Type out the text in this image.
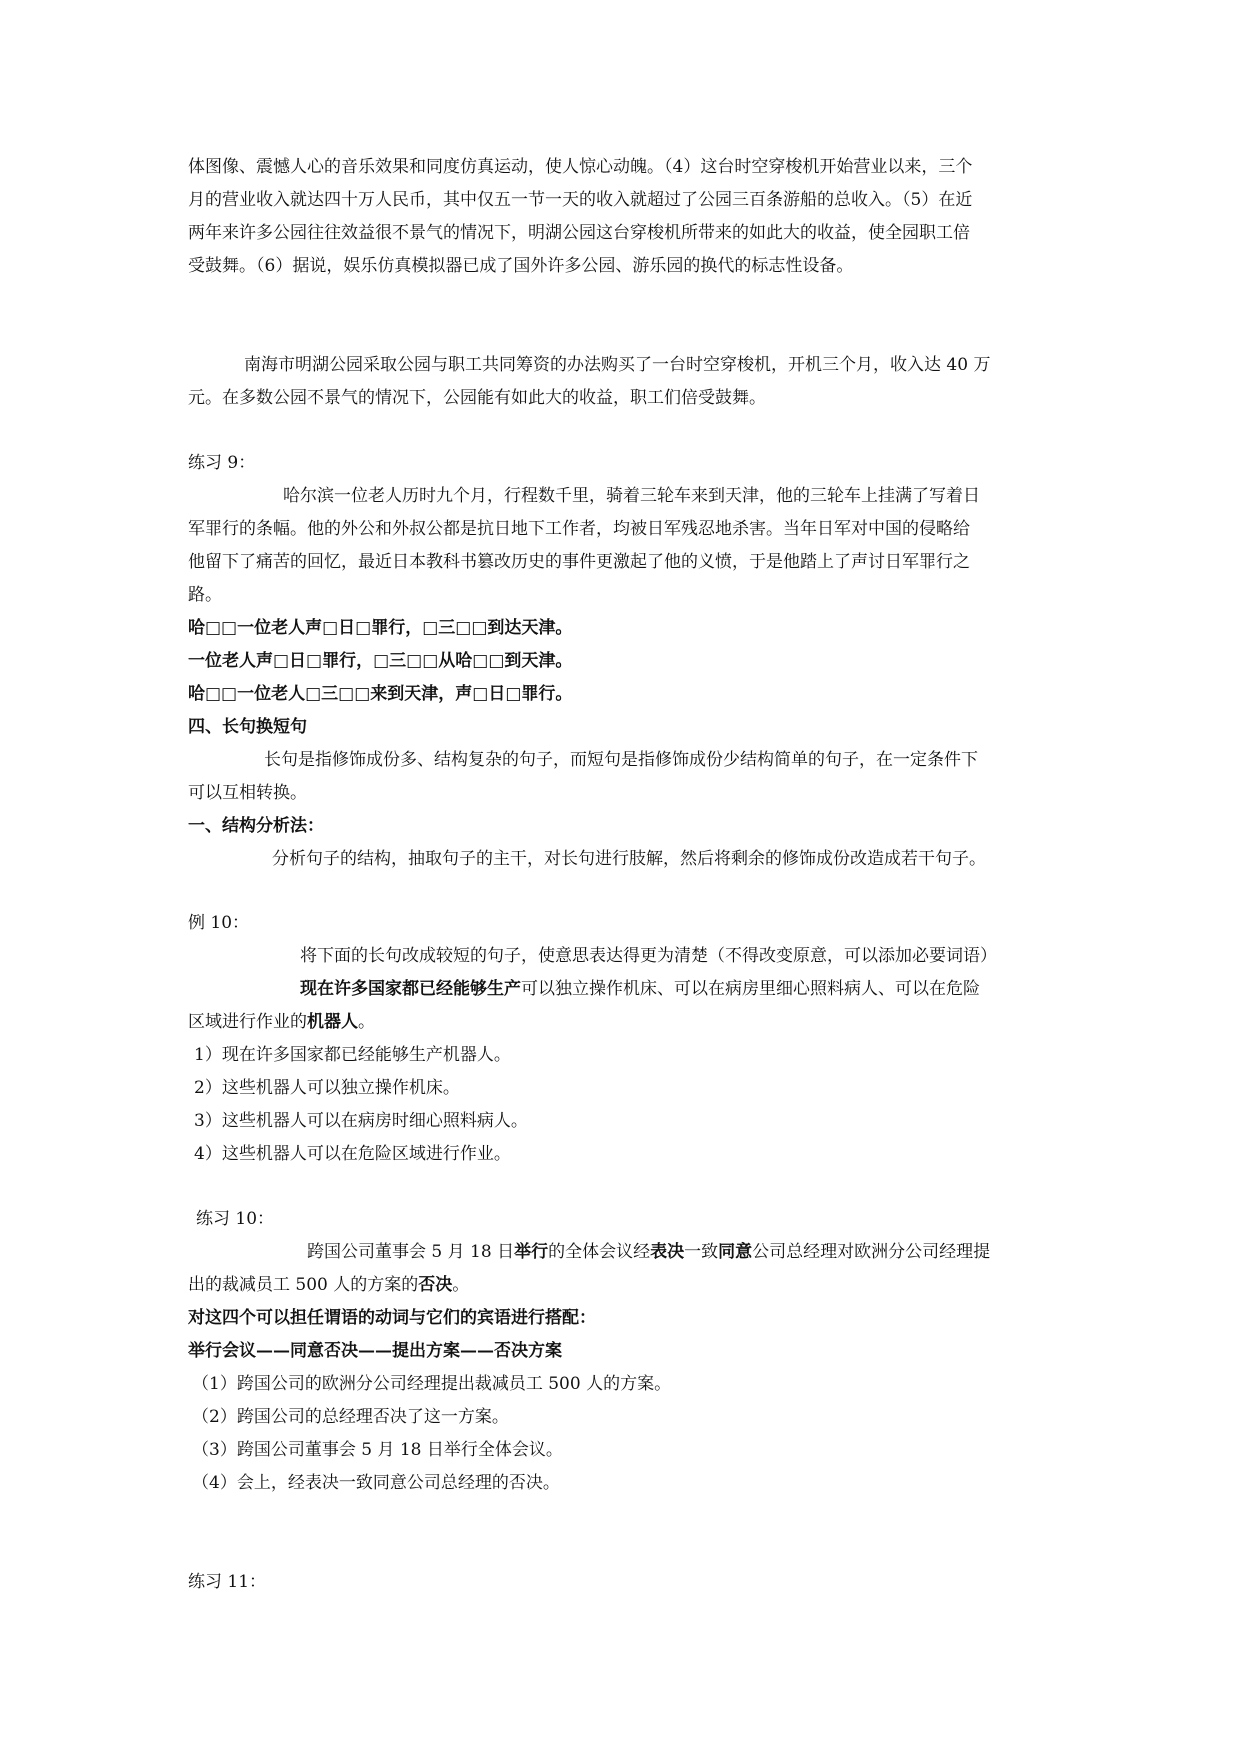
体图像、震憾人心的音乐效果和同度仿真运动，使人惊心动魄。（4）这台时空穿梭机开始营业以来，三个
月的营业收入就达四十万人民币，其中仅五一节一天的收入就超过了公园三百条游船的总收入。（5）在近
两年来许多公园往往效益很不景气的情况下，明湖公园这台穿梭机所带来的如此大的收益，使全园职工倍
受鼓舞。（6）据说，娱乐仿真模拟器已成了国外许多公园、游乐园的换代的标志性设备。
南海市明湖公园采取公园与职工共同筹资的办法购买了一台时空穿梭机，开机三个月，收入达 40 万
元。在多数公园不景气的情况下，公园能有如此大的收益，职工们倍受鼓舞。
练习 9：
哈尔滨一位老人历时九个月，行程数千里，骑着三轮车来到天津，他的三轮车上挂满了写着日
军罪行的条幅。他的外公和外叔公都是抗日地下工作者，均被日军残忍地杀害。当年日军对中国的侵略给
他留下了痛苦的回忆，最近日本教科书篡改历史的事件更激起了他的义愤，于是他踏上了声讨日军罪行之
路。
哈□□一位老人声□日□罪行，□三□□到达天津。
一位老人声□日□罪行，□三□□从哈□□到天津。
哈□□一位老人□三□□来到天津，声□日□罪行。
四、长句换短句
长句是指修饰成份多、结构复杂的句子，而短句是指修饰成份少结构简单的句子，在一定条件下
可以互相转换。
一、结构分析法：
分析句子的结构，抽取句子的主干，对长句进行肢解，然后将剩余的修饰成份改造成若干句子。
例 10：
将下面的长句改成较短的句子，使意思表达得更为清楚（不得改变原意，可以添加必要词语）
现在许多国家都已经能够生产可以独立操作机床、可以在病房里细心照料病人、可以在危险
区域进行作业的机器人。
1）现在许多国家都已经能够生产机器人。
2）这些机器人可以独立操作机床。
3）这些机器人可以在病房时细心照料病人。
4）这些机器人可以在危险区域进行作业。
练习 10：
跨国公司董事会 5 月 18 日举行的全体会议经表决一致同意公司总经理对欧洲分公司经理提
出的裁减员工 500 人的方案的否决。
对这四个可以担任谓语的动词与它们的宾语进行搭配：
举行会议——同意否决——提出方案——否决方案
（1）跨国公司的欧洲分公司经理提出裁减员工 500 人的方案。
（2）跨国公司的总经理否决了这一方案。
（3）跨国公司董事会 5 月 18 日举行全体会议。
（4）会上，经表决一致同意公司总经理的否决。
练习 11：
